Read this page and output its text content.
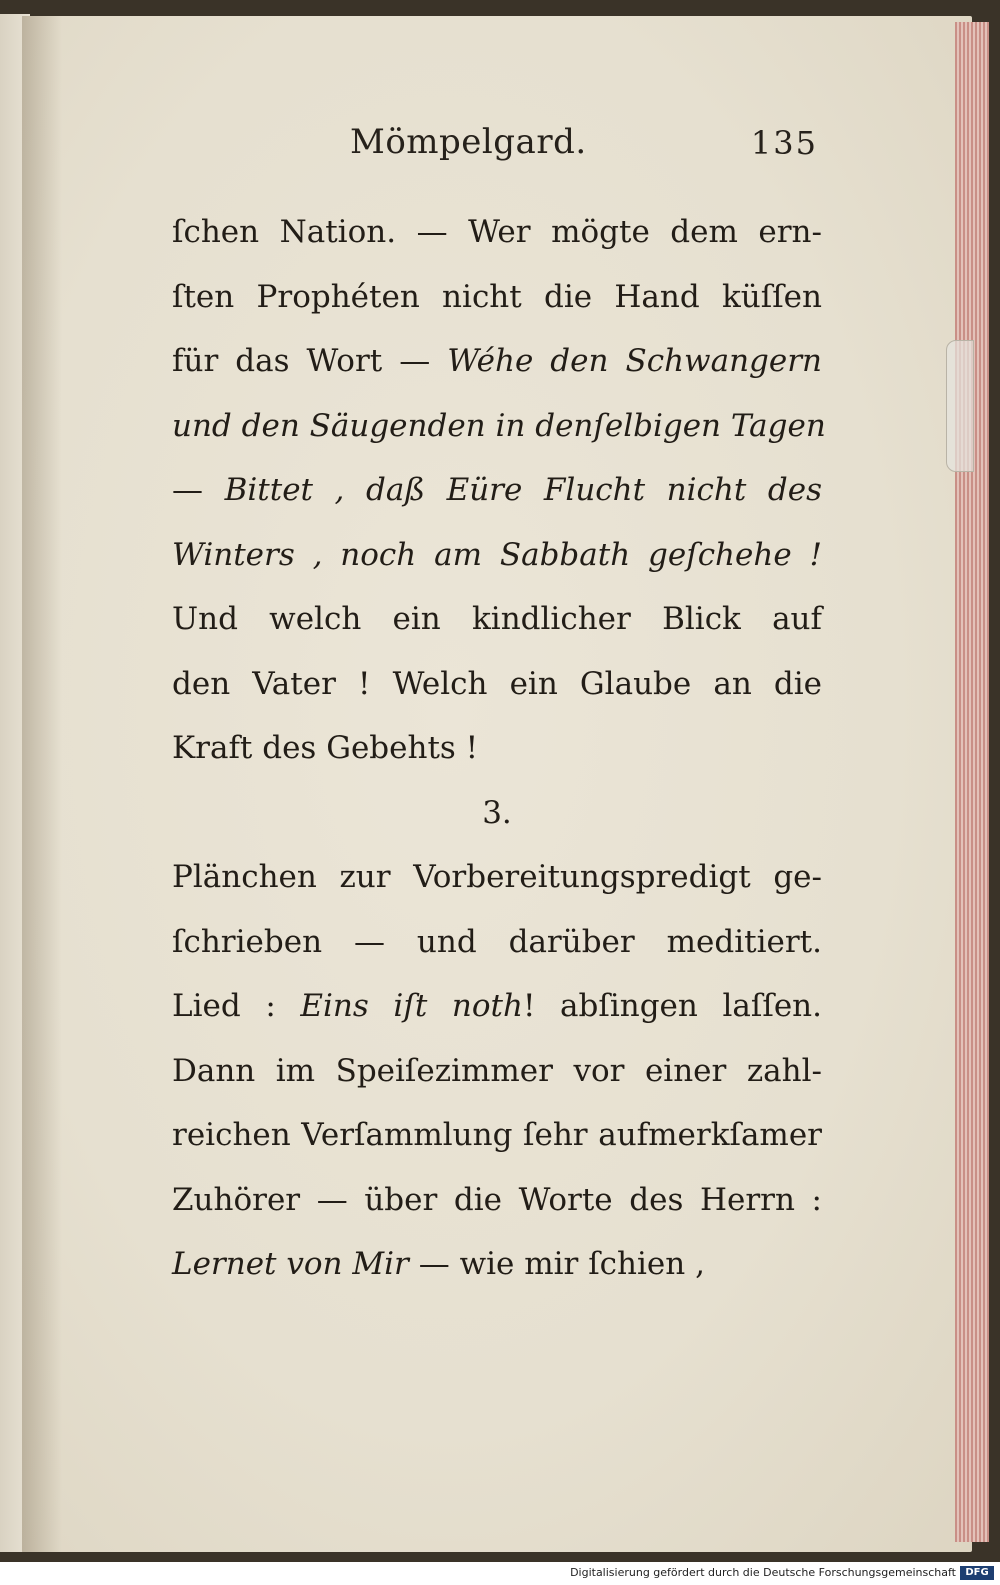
Mömpelgard.	135
ſchen Nation. — Wer mögte dem ern-
ſten Prophéten nicht die Hand küſſen
für das Wort — Wéhe den Schwangern
und den Säugenden in denſelbigen Tagen
— Bittet , daß Eüre Flucht nicht des
Winters , noch am Sabbath geſchehe !
Und welch ein kindlicher Blick auf
den Vater ! Welch ein Glaube an die
Kraft des Gebehts !
3.
Plänchen zur Vorbereitungspredigt ge-
ſchrieben — und darüber meditiert.
Lied : Eins iſt noth! abſingen laſſen.
Dann im Speiſezimmer vor einer zahl-
reichen Verſammlung ſehr aufmerkſamer
Zuhörer — über die Worte des Herrn :
Lernet von Mir — wie mir ſchien ,
Digitalisierung gefördert durch die Deutsche Forschungsgemeinschaft DFG
